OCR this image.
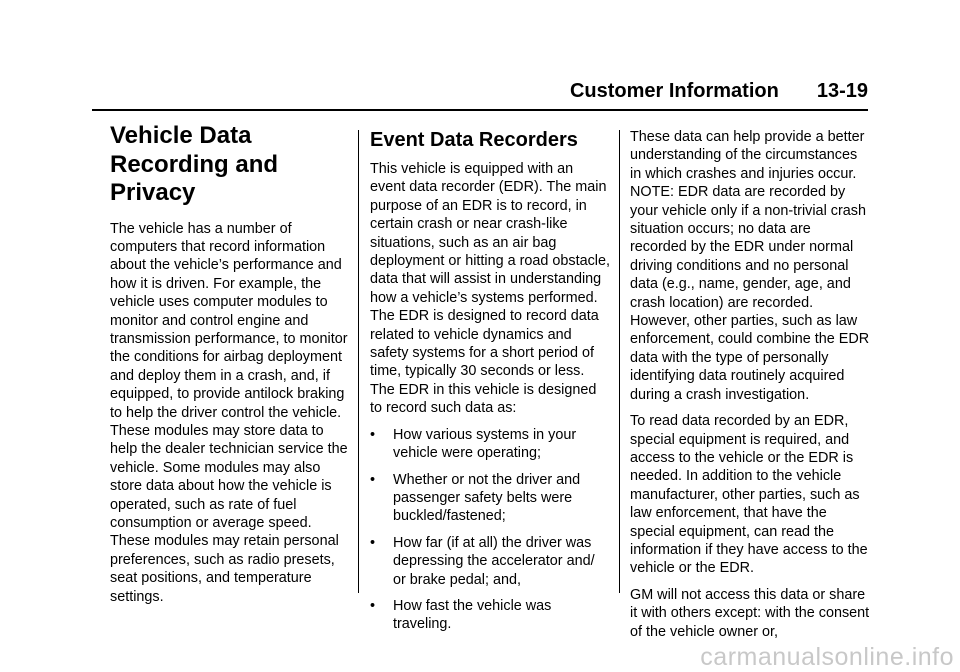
Customer Information 13-19
Vehicle Data
Recording and
Privacy

The vehicle has a number of computers that record information about the vehicle’s performance and how it is driven. For example, the vehicle uses computer modules to monitor and control engine and transmission performance, to monitor the conditions for airbag deployment and deploy them in a crash, and, if equipped, to provide antilock braking to help the driver control the vehicle. These modules may store data to help the dealer technician service the vehicle. Some modules may also store data about how the vehicle is operated, such as rate of fuel consumption or average speed. These modules may retain personal preferences, such as radio presets, seat positions, and temperature settings.

Event Data Recorders

This vehicle is equipped with an event data recorder (EDR). The main purpose of an EDR is to record, in certain crash or near crash-like situations, such as an air bag deployment or hitting a road obstacle, data that will assist in understanding how a vehicle’s systems performed. The EDR is designed to record data related to vehicle dynamics and safety systems for a short period of time, typically 30 seconds or less. The EDR in this vehicle is designed to record such data as:

• How various systems in your vehicle were operating;
• Whether or not the driver and passenger safety belts were buckled/fastened;
• How far (if at all) the driver was depressing the accelerator and/ or brake pedal; and,
• How fast the vehicle was traveling.

These data can help provide a better understanding of the circumstances in which crashes and injuries occur. NOTE: EDR data are recorded by your vehicle only if a non-trivial crash situation occurs; no data are recorded by the EDR under normal driving conditions and no personal data (e.g., name, gender, age, and crash location) are recorded. However, other parties, such as law enforcement, could combine the EDR data with the type of personally identifying data routinely acquired during a crash investigation.

To read data recorded by an EDR, special equipment is required, and access to the vehicle or the EDR is needed. In addition to the vehicle manufacturer, other parties, such as law enforcement, that have the special equipment, can read the information if they have access to the vehicle or the EDR.

GM will not access this data or share it with others except: with the consent of the vehicle owner or,

carmanualsonline.info
